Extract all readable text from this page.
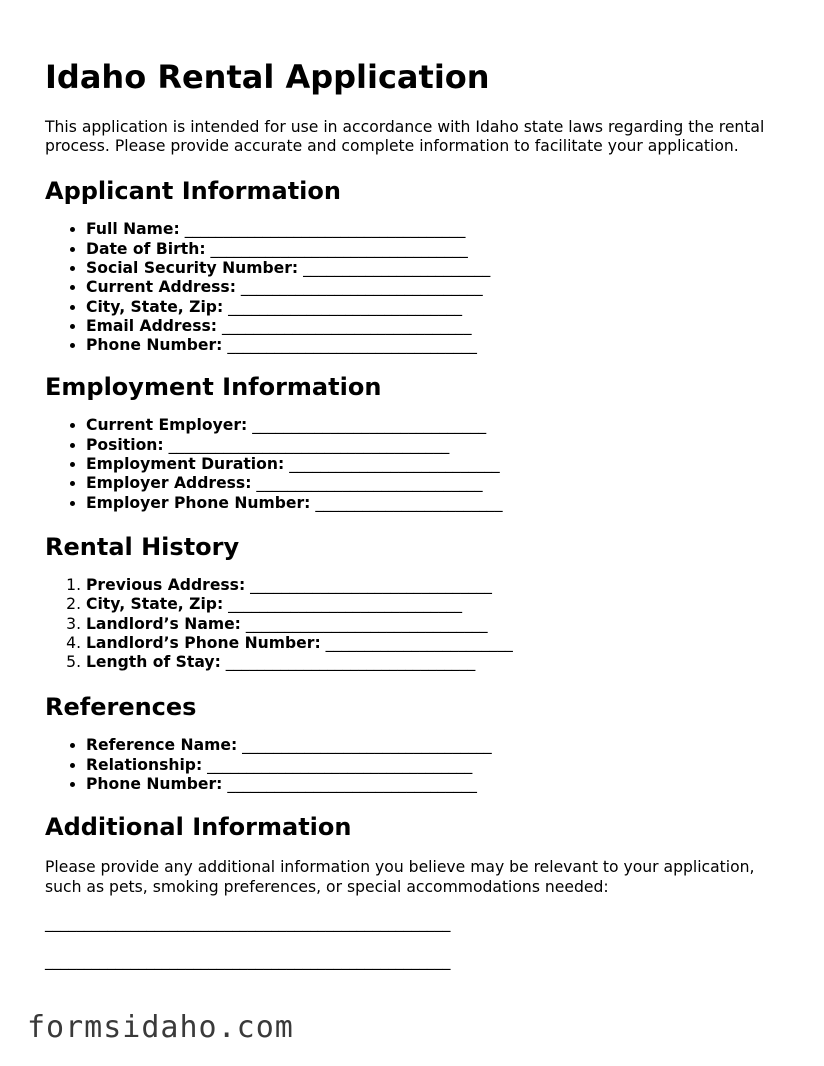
Idaho Rental Application

This application is intended for use in accordance with Idaho state laws regarding the rental process. Please provide accurate and complete information to facilitate your application.

Applicant Information
• Full Name: ____________________________________
• Date of Birth: _________________________________
• Social Security Number: ________________________
• Current Address: _______________________________
• City, State, Zip: ______________________________
• Email Address: ________________________________
• Phone Number: ________________________________
Employment Information
• Current Employer: ______________________________
• Position: ____________________________________
• Employment Duration: ___________________________
• Employer Address: _____________________________
• Employer Phone Number: ________________________
Rental History
1. Previous Address: _______________________________
2. City, State, Zip: ______________________________
3. Landlord’s Name: _______________________________
4. Landlord’s Phone Number: ________________________
5. Length of Stay: ________________________________
References
• Reference Name: ________________________________
• Relationship: __________________________________
• Phone Number: ________________________________
Additional Information

Please provide any additional information you believe may be relevant to your application, such as pets, smoking preferences, or special accommodations needed:

____________________________________________________
____________________________________________________
formsidaho.com
